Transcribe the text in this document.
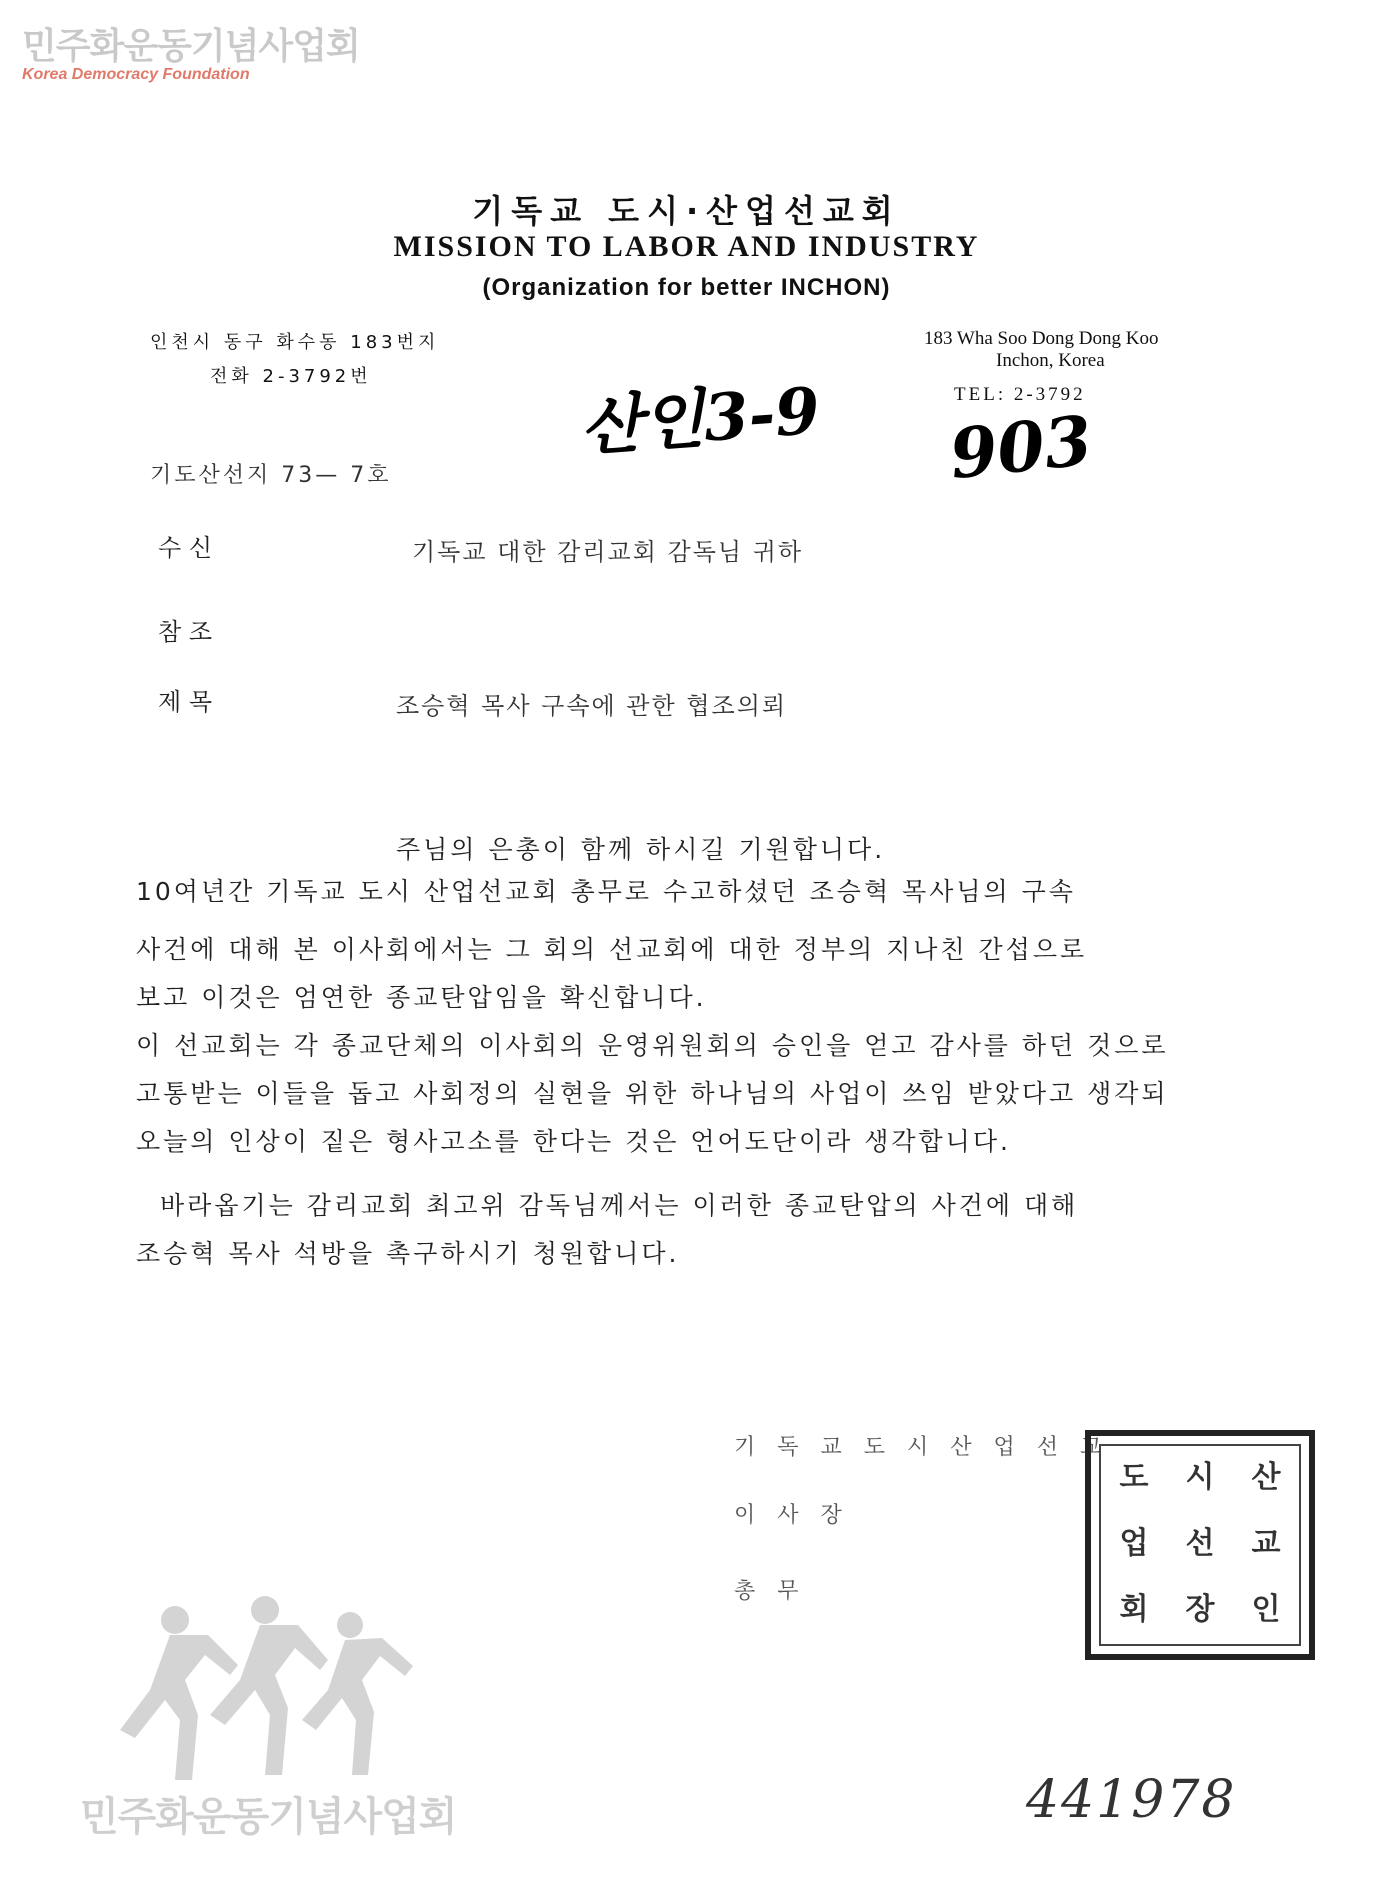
민주화운동기념사업회
Korea Democracy Foundation
기독교 도시·산업선교회
MISSION TO LABOR AND INDUSTRY
(Organization for better INCHON)
인천시 동구 화수동 183번지
전화 2-3792번
183 Wha Soo Dong Dong Koo
Inchon, Korea
TEL: 2-3792
산인3-9 903
기도산선지 73— 7호
수 신	기독교 대한 감리교회 감독님 귀하
참 조
제 목	조승혁 목사 구속에 관한 협조의뢰
주님의 은총이 함께 하시길 기원합니다.
10여년간 기독교 도시 산업선교회 총무로 수고하셨던 조승혁 목사님의 구속
사건에 대해 본 이사회에서는 그 회의 선교회에 대한 정부의 지나친 간섭으로
보고 이것은 엄연한 종교탄압임을 확신합니다.
이 선교회는 각 종교단체의 이사회의 운영위원회의 승인을 얻고 감사를 하던 것으로
고통받는 이들을 돕고 사회정의 실현을 위한 하나님의 사업이 쓰임 받았다고 생각되
오늘의 인상이 짙은 형사고소를 한다는 것은 언어도단이라 생각합니다.
바라옵기는 감리교회 최고위 감독님께서는 이러한 종교탄압의 사건에 대해
조승혁 목사 석방을 촉구하시기 청원합니다.
기독교도시산업선교
이사장
총무
도	시	산
업	선	교
회	장	인
민주화운동기념사업회	441978
